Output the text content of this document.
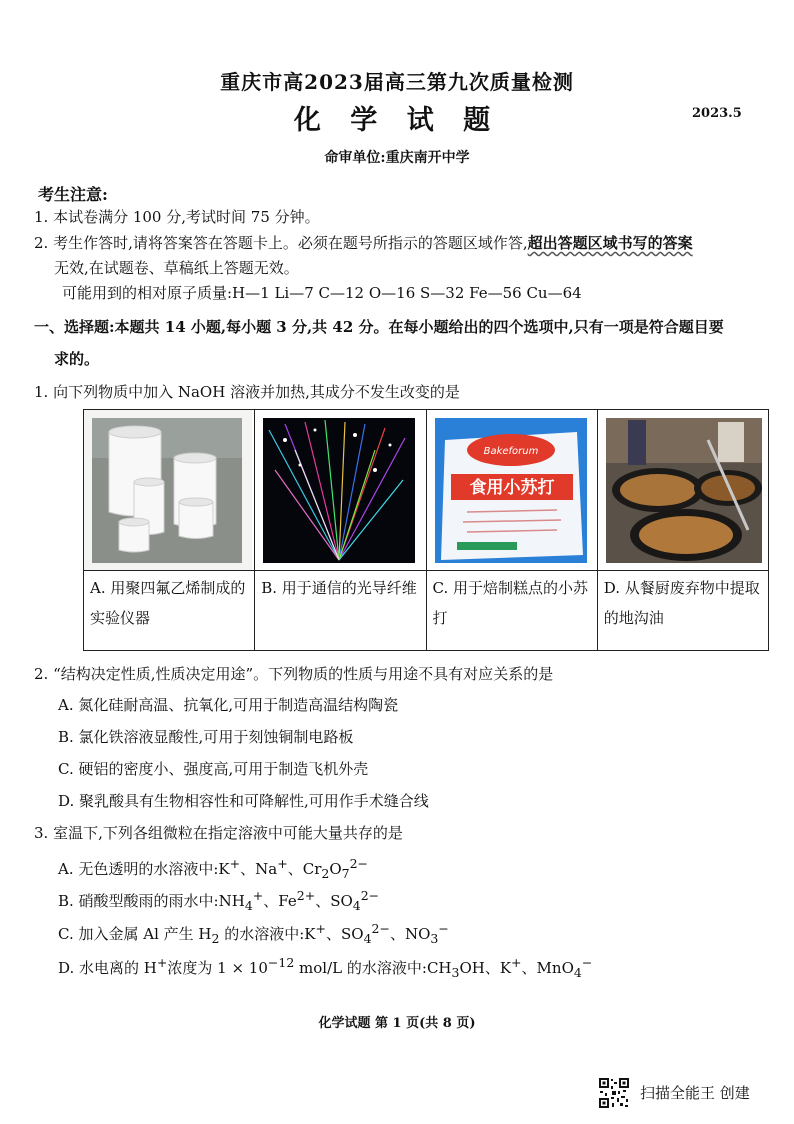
重庆市高2023届高三第九次质量检测
化 学 试 题	2023.5
命审单位:重庆南开中学
考生注意:
1. 本试卷满分 100 分,考试时间 75 分钟。
2. 考生作答时,请将答案答在答题卡上。必须在题号所指示的答题区域作答,超出答题区域书写的答案
无效,在试题卷、草稿纸上答题无效。
可能用到的相对原子质量:H—1 Li—7 C—12 O—16 S—32 Fe—56 Cu—64
一、选择题:本题共 14 小题,每小题 3 分,共 42 分。在每小题给出的四个选项中,只有一项是符合题目要
求的。
1. 向下列物质中加入 NaOH 溶液并加热,其成分不发生改变的是

Bakeforum
食用小苏打

A. 用聚四氟乙烯制成的实验仪器	B. 用于通信的光导纤维	C. 用于焙制糕点的小苏打	D. 从餐厨废弃物中提取的地沟油
2. “结构决定性质,性质决定用途”。下列物质的性质与用途不具有对应关系的是
A. 氮化硅耐高温、抗氧化,可用于制造高温结构陶瓷
B. 氯化铁溶液显酸性,可用于刻蚀铜制电路板
C. 硬铝的密度小、强度高,可用于制造飞机外壳
D. 聚乳酸具有生物相容性和可降解性,可用作手术缝合线
3. 室温下,下列各组微粒在指定溶液中可能大量共存的是
A. 无色透明的水溶液中:K+、Na+、$Cr_2O_7^{2-}$
B. 硝酸型酸雨的雨水中$:NH_4^+$、$Fe^{2+}$、$SO_4^{2-}$
C. 加入金属 Al 产生 $H_2$ 的水溶液中:K+、$SO_4^{2-}$、$NO_3^-$
D. 水电离的 H+浓度为 $1 \times 10^{-12}$ mol/L 的水溶液中$:CH_3OH$、K+、MnO$_4$−
化学试题 第 1 页(共 8 页)
扫描全能王 创建
